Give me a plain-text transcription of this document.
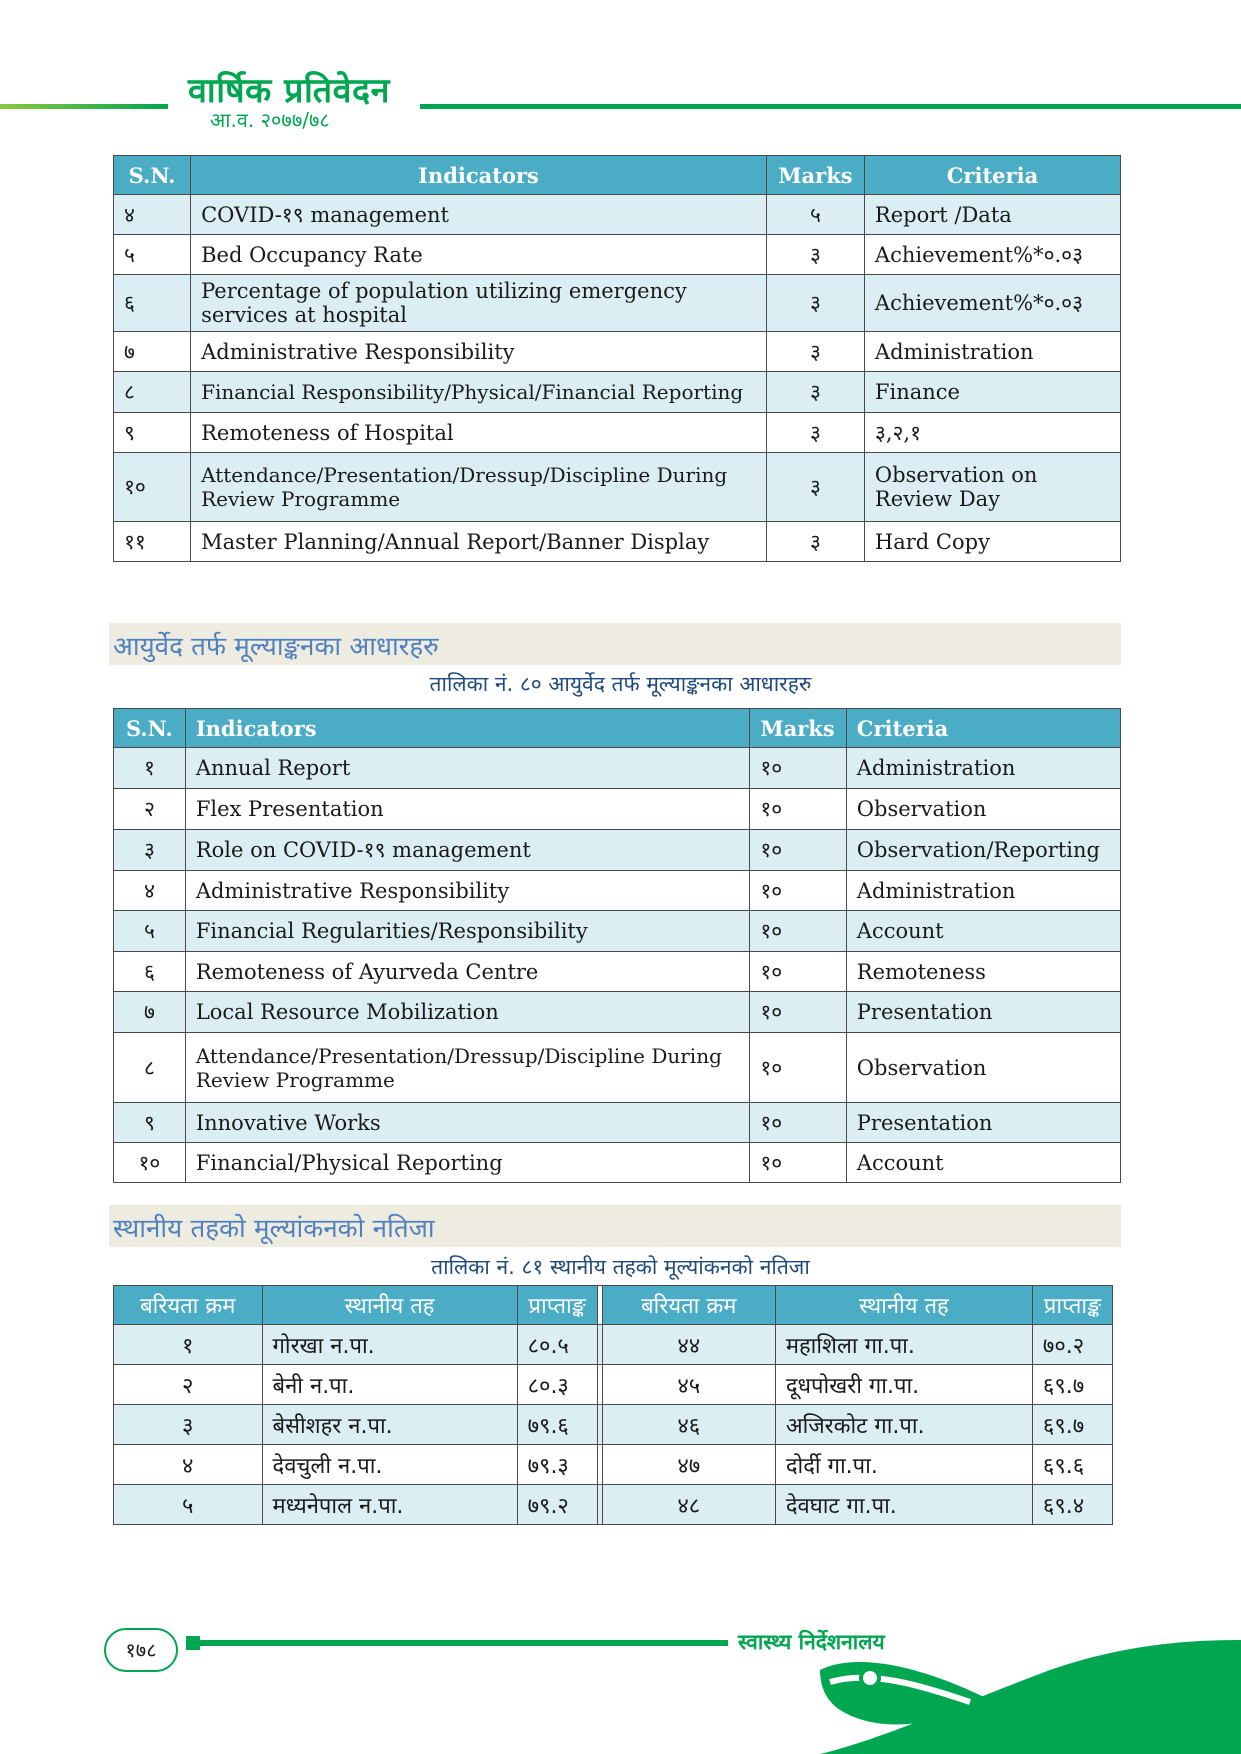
वार्षिक प्रतिवेदन
आ.व. २०७७/७८
S.N.	Indicators	Marks	Criteria
४	COVID-१९ management	५	Report /Data
५	Bed Occupancy Rate	३	Achievement%*०.०३
६	Percentage of population utilizing emergency services at hospital	३	Achievement%*०.०३
७	Administrative Responsibility	३	Administration
८	Financial Responsibility/Physical/Financial Reporting	३	Finance
९	Remoteness of Hospital	३	३,२,१
१०	Attendance/Presentation/Dressup/Discipline During Review Programme	३	Observation on Review Day
११	Master Planning/Annual Report/Banner Display	३	Hard Copy
आयुर्वेद तर्फ मूल्याङ्कनका आधारहरु
तालिका नं. ८० आयुर्वेद तर्फ मूल्याङ्कनका आधारहरु
S.N.	Indicators	Marks	Criteria
१	Annual Report	१०	Administration
२	Flex Presentation	१०	Observation
३	Role on COVID-१९ management	१०	Observation/Reporting
४	Administrative Responsibility	१०	Administration
५	Financial Regularities/Responsibility	१०	Account
६	Remoteness of Ayurveda Centre	१०	Remoteness
७	Local Resource Mobilization	१०	Presentation
८	Attendance/Presentation/Dressup/Discipline During Review Programme	१०	Observation
९	Innovative Works	१०	Presentation
१०	Financial/Physical Reporting	१०	Account
स्थानीय तहको मूल्यांकनको नतिजा
तालिका नं. ८१ स्थानीय तहको मूल्यांकनको नतिजा
बरियता क्रम	स्थानीय तह	प्राप्ताङ्क		बरियता क्रम	स्थानीय तह	प्राप्ताङ्क
१	गोरखा न.पा.	८०.५		४४	महाशिला गा.पा.	७०.२
२	बेनी न.पा.	८०.३		४५	दूधपोखरी गा.पा.	६९.७
३	बेसीशहर न.पा.	७९.६		४६	अजिरकोट गा.पा.	६९.७
४	देवचुली न.पा.	७९.३		४७	दोर्दी गा.पा.	६९.६
५	मध्यनेपाल न.पा.	७९.२		४८	देवघाट गा.पा.	६९.४
१७८	स्वास्थ्य निर्देशनालय
